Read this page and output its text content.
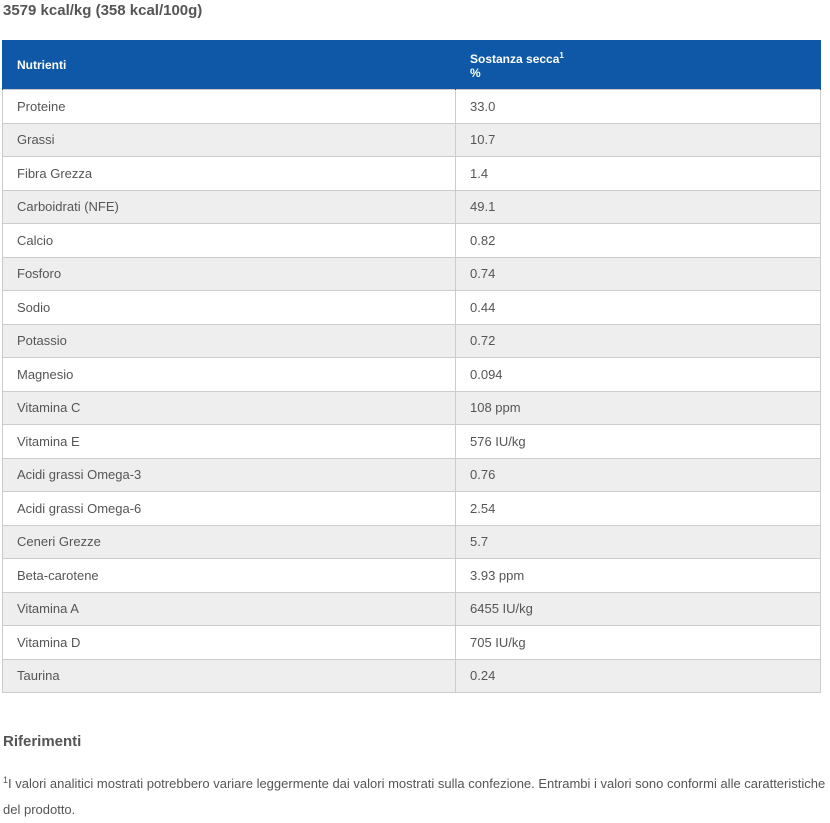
3579 kcal/kg (358 kcal/100g)

Nutrienti	Sostanza secca$^1$
%
Proteine	33.0
Grassi	10.7
Fibra Grezza	1.4
Carboidrati (NFE)	49.1
Calcio	0.82
Fosforo	0.74
Sodio	0.44
Potassio	0.72
Magnesio	0.094
Vitamina C	108 ppm
Vitamina E	576 IU/kg
Acidi grassi Omega-3	0.76
Acidi grassi Omega-6	2.54
Ceneri Grezze	5.7
Beta-carotene	3.93 ppm
Vitamina A	6455 IU/kg
Vitamina D	705 IU/kg
Taurina	0.24

Riferimenti

$^1$I valori analitici mostrati potrebbero variare leggermente dai valori mostrati sulla confezione. Entrambi i valori sono conformi alle caratteristiche del prodotto.
